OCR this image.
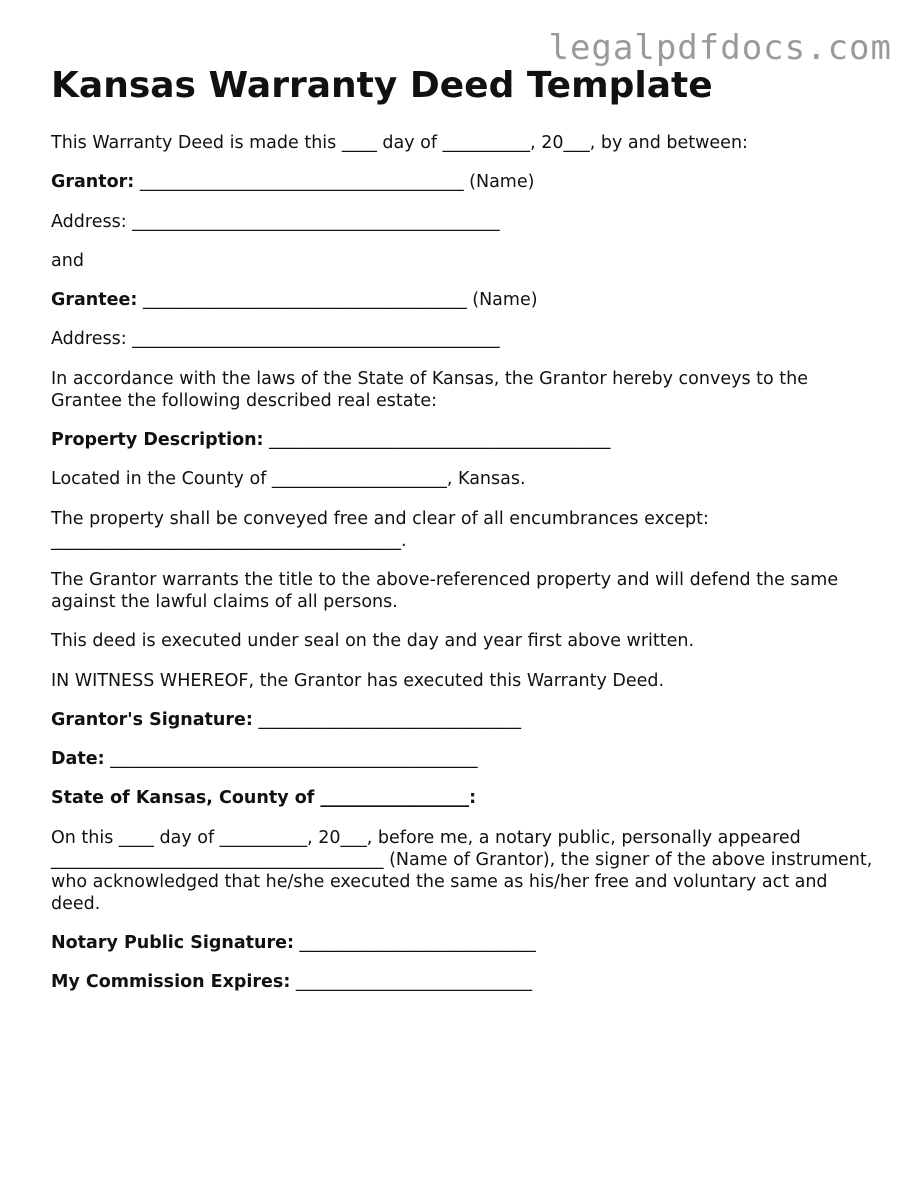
legalpdfdocs.com
Kansas Warranty Deed Template

This Warranty Deed is made this ____ day of __________, 20___, by and between:

Grantor: _____________________________________ (Name)

Address: __________________________________________

and

Grantee: _____________________________________ (Name)

Address: __________________________________________

In accordance with the laws of the State of Kansas, the Grantor hereby conveys to the Grantee the following described real estate:

Property Description: _______________________________________

Located in the County of ____________________, Kansas.

The property shall be conveyed free and clear of all encumbrances except: ________________________________________.

The Grantor warrants the title to the above-referenced property and will defend the same against the lawful claims of all persons.

This deed is executed under seal on the day and year first above written.

IN WITNESS WHEREOF, the Grantor has executed this Warranty Deed.

Grantor's Signature: ______________________________

Date: __________________________________________

State of Kansas, County of _________________:

On this ____ day of __________, 20___, before me, a notary public, personally appeared ______________________________________ (Name of Grantor), the signer of the above instrument, who acknowledged that he/she executed the same as his/her free and voluntary act and deed.

Notary Public Signature: ___________________________

My Commission Expires: ___________________________
